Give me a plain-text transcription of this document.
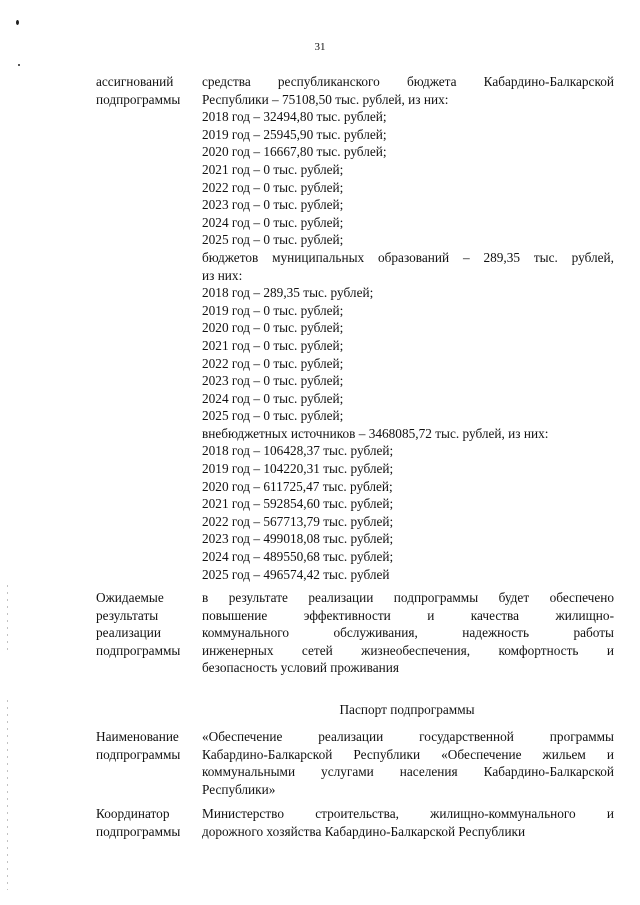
31
ассигнований
подпрограммы
средства республиканского бюджета Кабардино-Балкарской
Республики – 75108,50 тыс. рублей, из них:
2018 год – 32494,80 тыс. рублей;
2019 год – 25945,90 тыс. рублей;
2020 год – 16667,80 тыс. рублей;
2021 год – 0 тыс. рублей;
2022 год – 0 тыс. рублей;
2023 год – 0 тыс. рублей;
2024 год – 0 тыс. рублей;
2025 год – 0 тыс. рублей;
бюджетов муниципальных образований – 289,35 тыс. рублей,
из них:
2018 год – 289,35 тыс. рублей;
2019 год – 0 тыс. рублей;
2020 год – 0 тыс. рублей;
2021 год – 0 тыс. рублей;
2022 год – 0 тыс. рублей;
2023 год – 0 тыс. рублей;
2024 год – 0 тыс. рублей;
2025 год – 0 тыс. рублей;
внебюджетных источников – 3468085,72 тыс. рублей, из них:
2018 год – 106428,37 тыс. рублей;
2019 год – 104220,31 тыс. рублей;
2020 год – 611725,47 тыс. рублей;
2021 год – 592854,60 тыс. рублей;
2022 год – 567713,79 тыс. рублей;
2023 год – 499018,08 тыс. рублей;
2024 год – 489550,68 тыс. рублей;
2025 год – 496574,42 тыс. рублей
Ожидаемые
результаты
реализации
подпрограммы
в результате реализации подпрограммы будет обеспечено
повышение эффективности и качества жилищно-
коммунального обслуживания, надежность работы
инженерных сетей жизнеобеспечения, комфортность и
безопасность условий проживания
Паспорт подпрограммы
Наименование
подпрограммы
«Обеспечение реализации государственной программы
Кабардино-Балкарской Республики «Обеспечение жильем и
коммунальными услугами населения Кабардино-Балкарской
Республики»
Координатор
подпрограммы
Министерство строительства, жилищно-коммунального и
дорожного хозяйства Кабардино-Балкарской Республики
